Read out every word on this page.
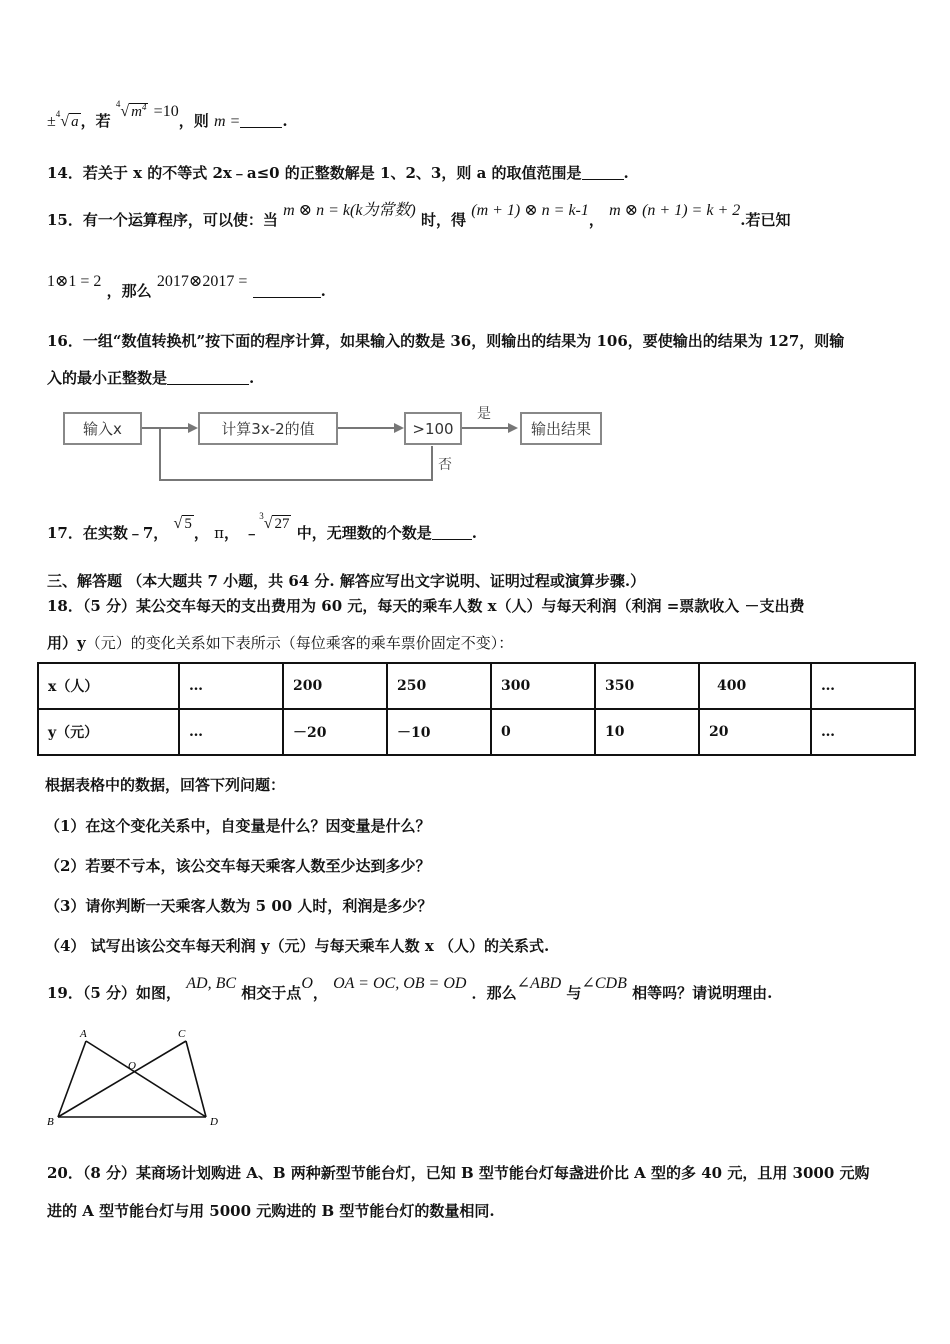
±$^4$√ a ，若 $^4$√ $m^4 =10$，则 m =	.
14．若关于 x 的不等式 2x﹣a≤0 的正整数解是 1、2、3，则 a 的取值范围是	.
15．有一个运算程序，可以使：当 m ⊗ n = k(k为常数) 时，得 (m + 1) ⊗ n = k-1， m ⊗ (n + 1) = k + 2.若已知
1⊗1 = 2 ，那么 2017⊗2017 = .
16．一组“数值转换机”按下面的程序计算，如果输入的数是 36，则输出的结果为 106，要使输出的结果为 127，则输
入的最小正整数是	.
输入x	计算3x-2的值	>100	输出结果
是
否
17．在实数﹣7， √ 5 ， π， ﹣$^3$√ 27 中，无理数的个数是	.
三、解答题 （本大题共 7 小题，共 64 分. 解答应写出文字说明、证明过程或演算步骤.）
18．（5 分）某公交车每天的支出费用为 60 元，每天的乘车人数 x（人）与每天利润（利润 =票款收入 －支出费
用）y（元）的变化关系如下表所示（每位乘客的乘车票价固定不变）：
x（人）	…	200	250	300	350	400	…
y（元）	…	－20	－10	0	10	20	…
根据表格中的数据，回答下列问题：
（1）在这个变化关系中，自变量是什么？因变量是什么？
（2）若要不亏本，该公交车每天乘客人数至少达到多少？
（3）请你判断一天乘客人数为 5 00 人时，利润是多少？
（4） 试写出该公交车每天利润 y（元）与每天乘车人数 x （人）的关系式.
19．（5 分）如图， AD, BC 相交于点O， OA = OC, OB = OD ．那么∠ABD 与∠CDB 相等吗？请说明理由.
A	C
O
B	D
20．（8 分）某商场计划购进 A、B 两种新型节能台灯，已知 B 型节能台灯每盏进价比 A 型的多 40 元，且用 3000 元购
进的 A 型节能台灯与用 5000 元购进的 B 型节能台灯的数量相同.
